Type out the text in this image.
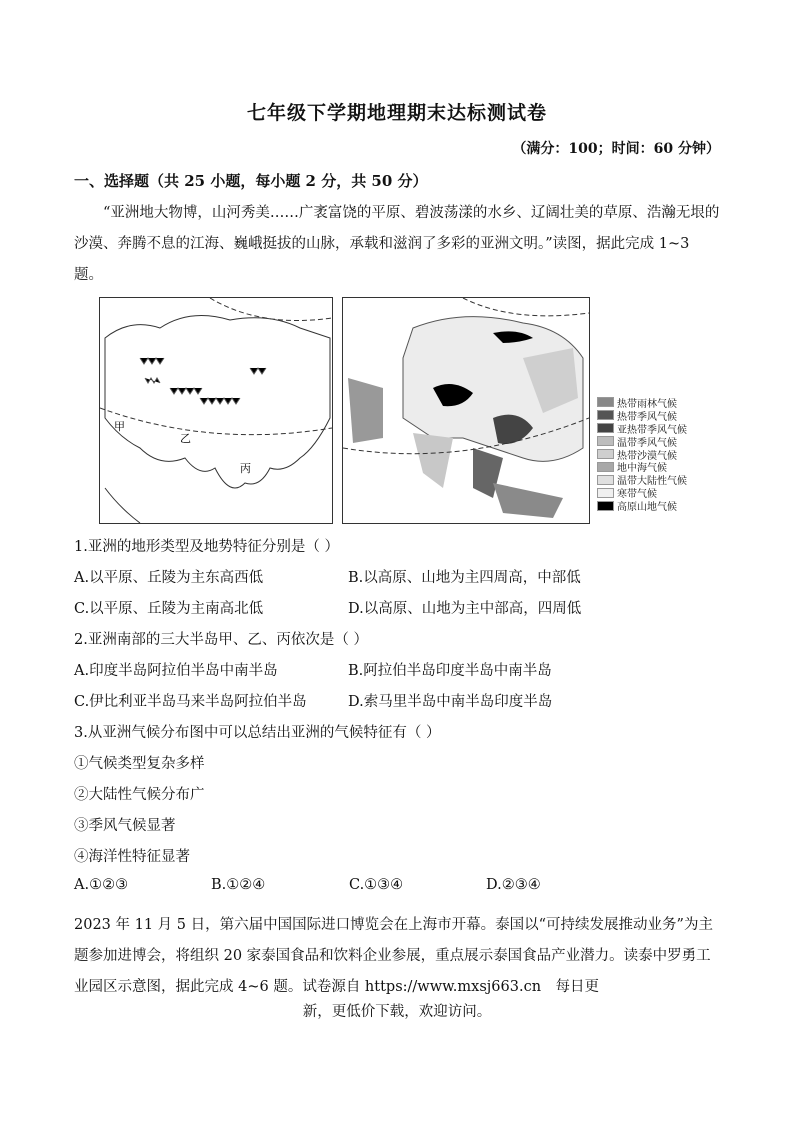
七年级下学期地理期末达标测试卷
（满分：100；时间：60 分钟）
一、选择题（共 25 小题，每小题 2 分，共 50 分）
“亚洲地大物博，山河秀美……广袤富饶的平原、碧波荡漾的水乡、辽阔壮美的草原、浩瀚无垠的沙漠、奔腾不息的江海、巍峨挺拔的山脉，承载和滋润了多彩的亚洲文明。”读图，据此完成 1~3 题。
甲
乙
丙
热带雨林气候
热带季风气候
亚热带季风气候
温带季风气候
热带沙漠气候
地中海气候
温带大陆性气候
寒带气候
高原山地气候
1.亚洲的地形类型及地势特征分别是（ ）
A.以平原、丘陵为主东高西低	B.以高原、山地为主四周高，中部低
C.以平原、丘陵为主南高北低	D.以高原、山地为主中部高，四周低
2.亚洲南部的三大半岛甲、乙、丙依次是（ ）
A.印度半岛阿拉伯半岛中南半岛	B.阿拉伯半岛印度半岛中南半岛
C.伊比利亚半岛马来半岛阿拉伯半岛	D.索马里半岛中南半岛印度半岛
3.从亚洲气候分布图中可以总结出亚洲的气候特征有（ ）
①气候类型复杂多样
②大陆性气候分布广
③季风气候显著
④海洋性特征显著
A.①②③	B.①②④	C.①③④	D.②③④
2023 年 11 月 5 日，第六届中国国际进口博览会在上海市开幕。泰国以“可持续发展推动业务”为主题参加进博会，将组织 20 家泰国食品和饮料企业参展，重点展示泰国食品产业潜力。读泰中罗勇工业园区示意图，据此完成 4~6 题。试卷源自 https://www.mxsj663.cn　每日更
新，更低价下载，欢迎访问。
